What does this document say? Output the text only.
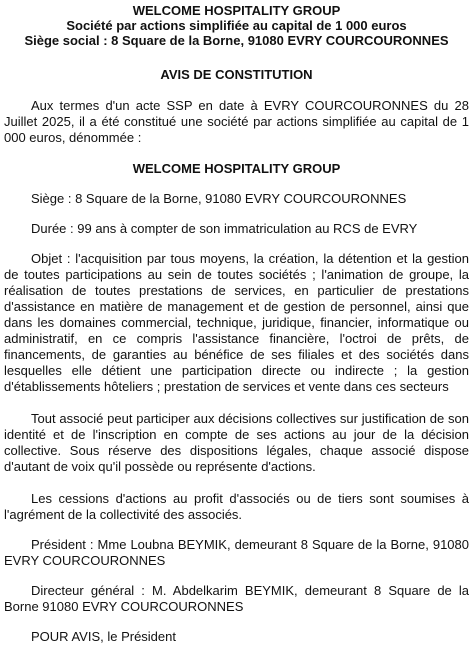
WELCOME HOSPITALITY GROUP
Société par actions simplifiée au capital de 1 000 euros
Siège social : 8 Square de la Borne, 91080 EVRY COURCOURONNES
AVIS DE CONSTITUTION

Aux termes d'un acte SSP en date à EVRY COURCOURONNES du 28 Juillet 2025, il a été constitué une société par actions simplifiée au capital de 1 000 euros, dénommée :

WELCOME HOSPITALITY GROUP

Siège : 8 Square de la Borne, 91080 EVRY COURCOURONNES

Durée : 99 ans à compter de son immatriculation au RCS de EVRY

Objet : l'acquisition par tous moyens, la création, la détention et la gestion de toutes participations au sein de toutes sociétés ; l'animation de groupe, la réalisation de toutes prestations de services, en particulier de prestations d'assistance en matière de management et de gestion de personnel, ainsi que dans les domaines commercial, technique, juridique, financier, informatique ou administratif, en ce compris l'assistance financière, l'octroi de prêts, de financements, de garanties au bénéfice de ses filiales et des sociétés dans lesquelles elle détient une participation directe ou indirecte ; la gestion d'établissements hôteliers ; prestation de services et vente dans ces secteurs

Tout associé peut participer aux décisions collectives sur justification de son identité et de l'inscription en compte de ses actions au jour de la décision collective. Sous réserve des dispositions légales, chaque associé dispose d'autant de voix qu'il possède ou représente d'actions.

Les cessions d'actions au profit d'associés ou de tiers sont soumises à l'agrément de la collectivité des associés.

Président : Mme Loubna BEYMIK, demeurant 8 Square de la Borne, 91080 EVRY COURCOURONNES

Directeur général : M. Abdelkarim BEYMIK, demeurant 8 Square de la Borne 91080 EVRY COURCOURONNES

POUR AVIS, le Président
